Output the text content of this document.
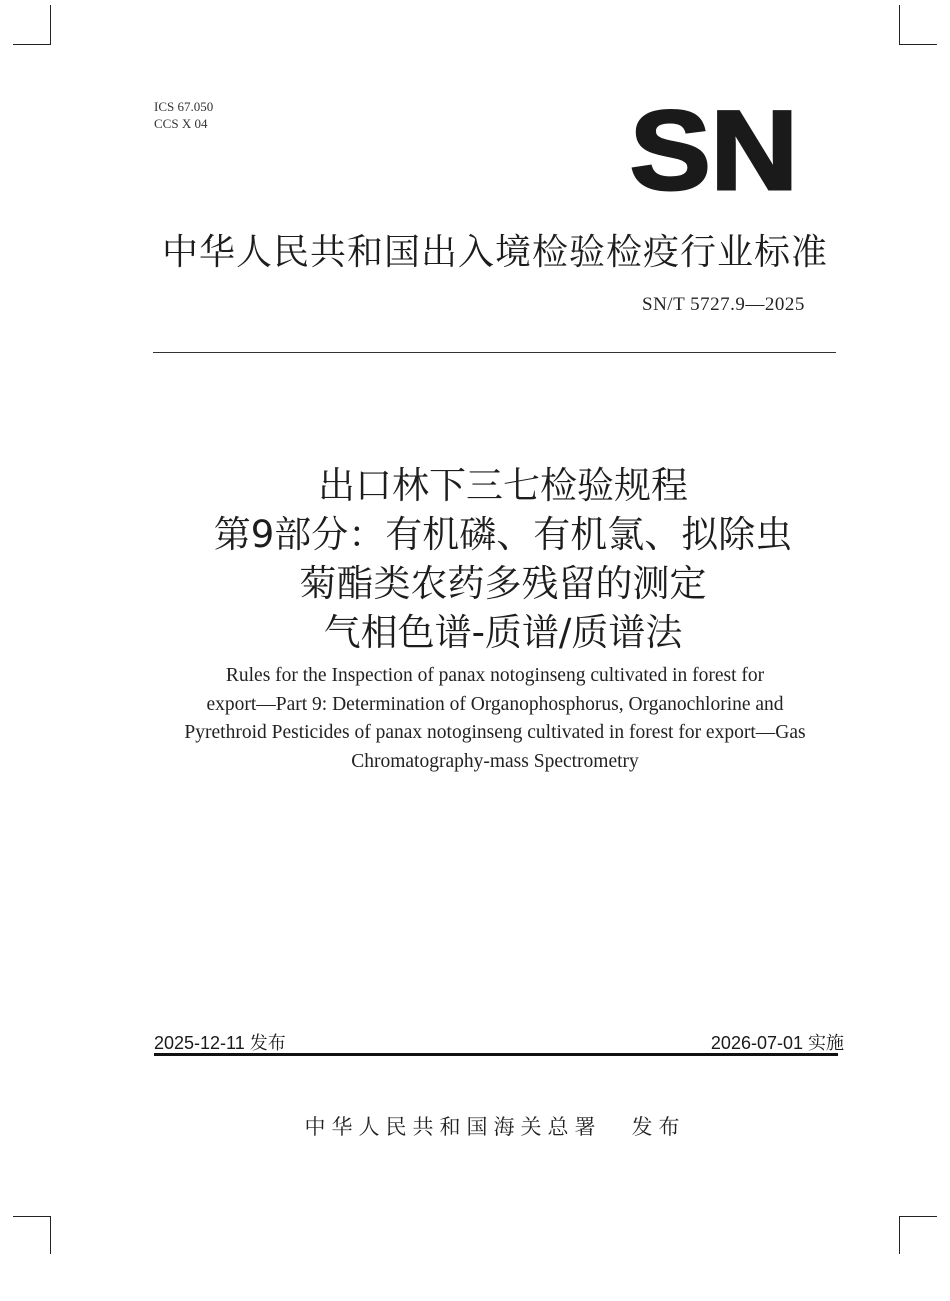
ICS 67.050
CCS X 04	SN
中华人民共和国出入境检验检疫行业标准
SN/T 5727.9—2025
出口林下三七检验规程
第9部分：有机磷、有机氯、拟除虫
菊酯类农药多残留的测定
气相色谱-质谱/质谱法
Rules for the Inspection of panax notoginseng cultivated in forest for
export—Part 9: Determination of Organophosphorus, Organochlorine and
Pyrethroid Pesticides of panax notoginseng cultivated in forest for export—Gas
Chromatography-mass Spectrometry
2025-12-11 发布	2026-07-01 实施
中华人民共和国海关总署 发布
